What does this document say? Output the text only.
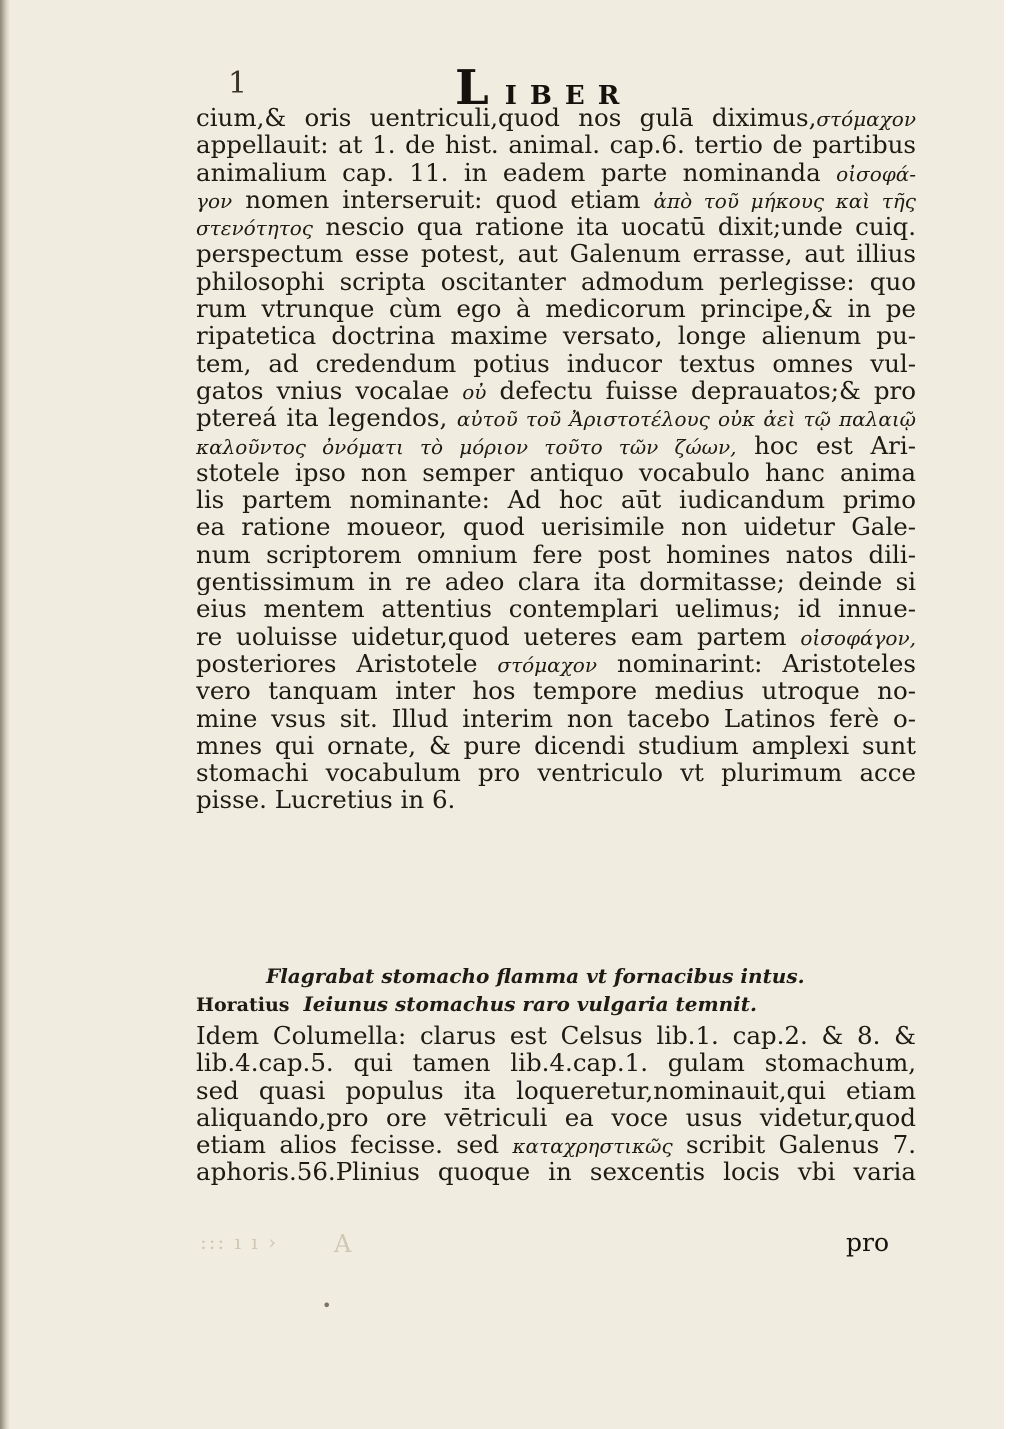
1	LIBER
cium,& oris uentriculi,quod nos gulā diximus,στόμαχον
appellauit: at 1. de hist. animal. cap.6. tertio de partibus
animalium cap. 11. in eadem parte nominanda οἰσοφά-
γον nomen interseruit: quod etiam ἀπὸ τοῦ μήκους καὶ τῆς
στενότητος nescio qua ratione ita uocatū dixit;unde cuiq.
perspectum esse potest, aut Galenum errasse, aut illius
philosophi scripta oscitanter admodum perlegisse: quo
rum vtrunque cùm ego à medicorum principe,& in pe
ripatetica doctrina maxime versato, longe alienum pu-
tem, ad credendum potius inducor textus omnes vul-
gatos vnius vocalae οὐ defectu fuisse deprauatos;& pro
ptereá ita legendos, αὐτοῦ τοῦ Ἀριστοτέλους οὐκ ἀεὶ τῷ παλαιῷ
καλοῦντος ὀνόματι τὸ μόριον τοῦτο τῶν ζώων, hoc est Ari-
stotele ipso non semper antiquo vocabulo hanc anima
lis partem nominante: Ad hoc aūt iudicandum primo
ea ratione moueor, quod uerisimile non uidetur Gale-
num scriptorem omnium fere post homines natos dili-
gentissimum in re adeo clara ita dormitasse; deinde si
eius mentem attentius contemplari uelimus; id innue-
re uoluisse uidetur,quod ueteres eam partem οἰσοφάγον,
posteriores Aristotele στόμαχον nominarint: Aristoteles
vero tanquam inter hos tempore medius utroque no-
mine vsus sit. Illud interim non tacebo Latinos ferè o-
mnes qui ornate, & pure dicendi studium amplexi sunt
stomachi vocabulum pro ventriculo vt plurimum acce
pisse. Lucretius in 6.
Flagrabat stomacho flamma vt fornacibus intus.
Horatius Ieiunus stomachus raro vulgaria temnit.
Idem Columella: clarus est Celsus lib.1. cap.2. & 8. &
lib.4.cap.5. qui tamen lib.4.cap.1. gulam stomachum,
sed quasi populus ita loqueretur,nominauit,qui etiam
aliquando,pro ore vētriculi ea voce usus videtur,quod
etiam alios fecisse. sed καταχρηστικῶς scribit Galenus 7.
aphoris.56.Plinius quoque in sexcentis locis vbi varia
::: ı ı › A	pro
•
